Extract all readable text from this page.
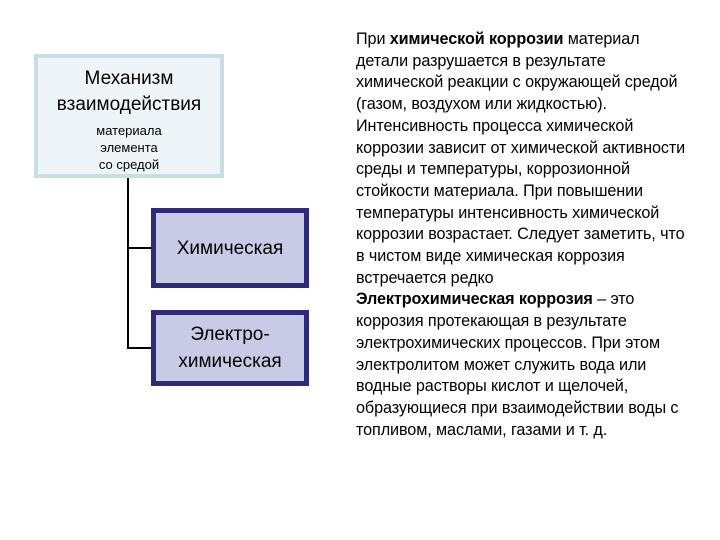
Механизм
взаимодействия
материала
элемента
со средой
Химическая
Электро-
химическая
При химической коррозии материал детали разрушается в результате химической реакции с окружающей средой (газом, воздухом или жидкостью).
Интенсивность процесса химической коррозии зависит от химической активности среды и температуры, коррозионной стойкости материала. При повышении температуры интенсивность химической коррозии возрастает. Следует заметить, что в чистом виде химическая коррозия встречается редко
Электрохимическая коррозия – это коррозия протекающая в результате электрохимических процессов. При этом электролитом может служить вода или водные растворы кислот и щелочей, образующиеся при взаимодействии воды с топливом, маслами, газами и т. д.
